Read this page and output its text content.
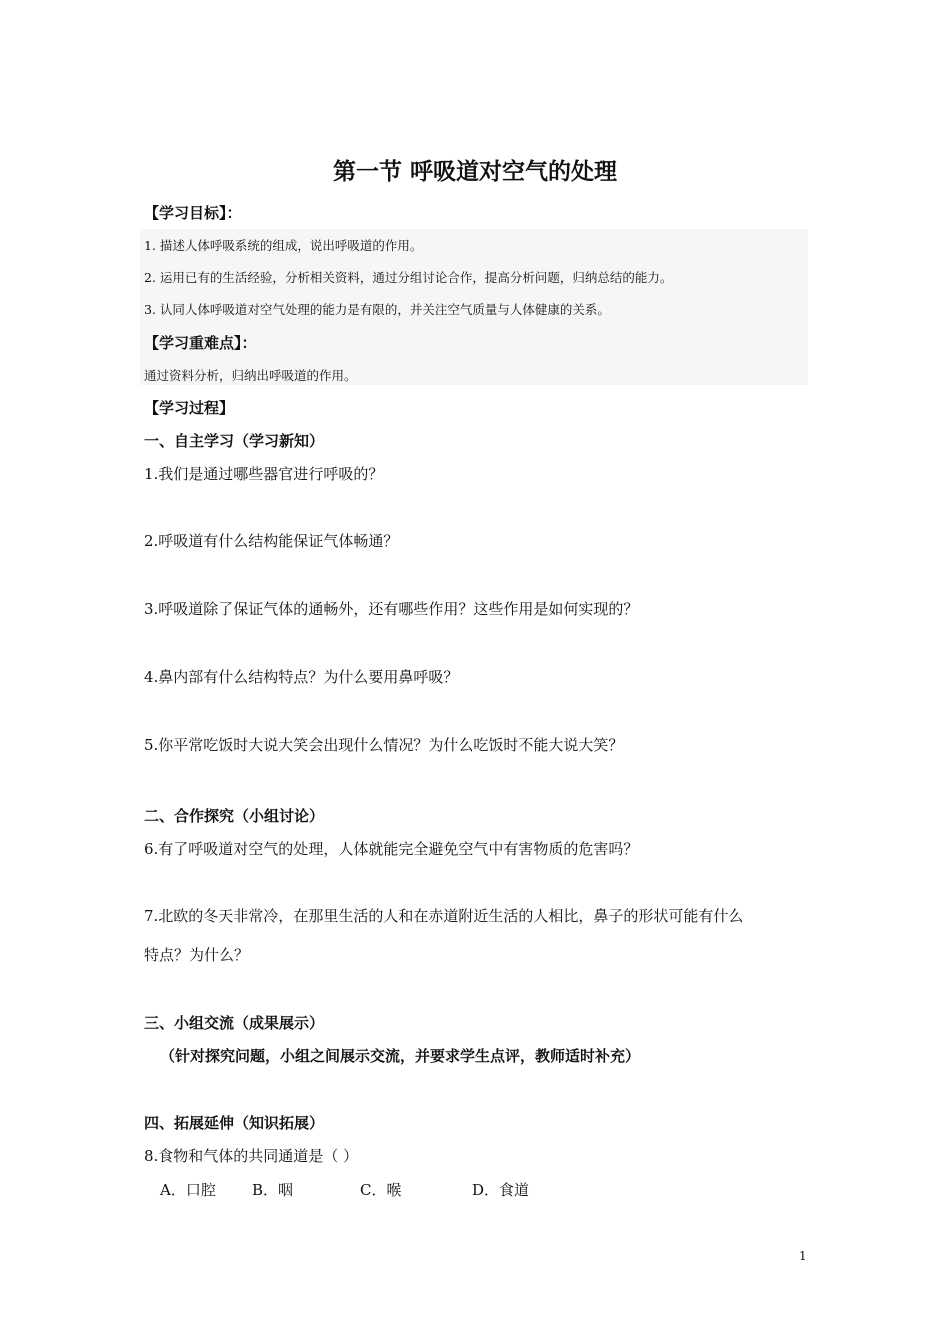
第一节 呼吸道对空气的处理
【学习目标】：
1. 描述人体呼吸系统的组成，说出呼吸道的作用。
2. 运用已有的生活经验，分析相关资料，通过分组讨论合作，提高分析问题，归纳总结的能力。
3. 认同人体呼吸道对空气处理的能力是有限的，并关注空气质量与人体健康的关系。
【学习重难点】：
通过资料分析，归纳出呼吸道的作用。
【学习过程】
一、自主学习（学习新知）
1.我们是通过哪些器官进行呼吸的？
2.呼吸道有什么结构能保证气体畅通？
3.呼吸道除了保证气体的通畅外，还有哪些作用？这些作用是如何实现的？
4.鼻内部有什么结构特点？为什么要用鼻呼吸？
5.你平常吃饭时大说大笑会出现什么情况？为什么吃饭时不能大说大笑？
二、合作探究（小组讨论）
6.有了呼吸道对空气的处理，人体就能完全避免空气中有害物质的危害吗？
7.北欧的冬天非常冷，在那里生活的人和在赤道附近生活的人相比，鼻子的形状可能有什么
特点？为什么？
三、小组交流（成果展示）
（针对探究问题，小组之间展示交流，并要求学生点评，教师适时补充）
四、拓展延伸（知识拓展）
8.食物和气体的共同通道是（ ）
A．口腔 B．咽	C．喉	D．食道
1
